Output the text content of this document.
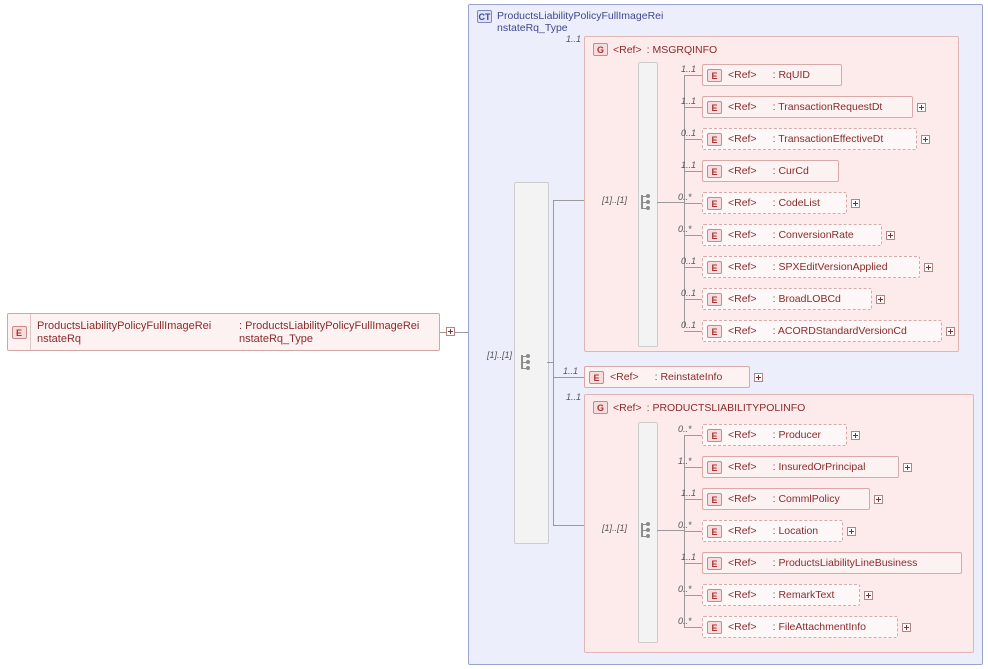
E
ProductsLiabilityPolicyFullImageRei
nstateRq
: ProductsLiabilityPolicyFullImageRei
nstateRq_Type
CT ProductsLiabilityPolicyFullImageRei
nstateRq_Type
[1]..[1]
G <Ref> : MSGRQINFO
1..1
[1]..[1]
E	<Ref> : RqUID
1..1
E	<Ref> : TransactionRequestDt
1..1
E	<Ref> : TransactionEffectiveDt
0..1
E	<Ref> : CurCd
1..1
E	<Ref> : CodeList
0..*
E	<Ref> : ConversionRate
0..*
E	<Ref> : SPXEditVersionApplied
0..1
E	<Ref> : BroadLOBCd
0..1
E	<Ref> : ACORDStandardVersionCd
0..1
E	<Ref> : ReinstateInfo
1..1
G <Ref> : PRODUCTSLIABILITYPOLINFO
1..1
[1]..[1]
E	<Ref> : Producer
0..*
E	<Ref> : InsuredOrPrincipal
1..*
E	<Ref> : CommlPolicy
1..1
E	<Ref> : Location
0..*
E	<Ref> : ProductsLiabilityLineBusiness
1..1
E	<Ref> : RemarkText
0..*
E	<Ref> : FileAttachmentInfo
0..*
